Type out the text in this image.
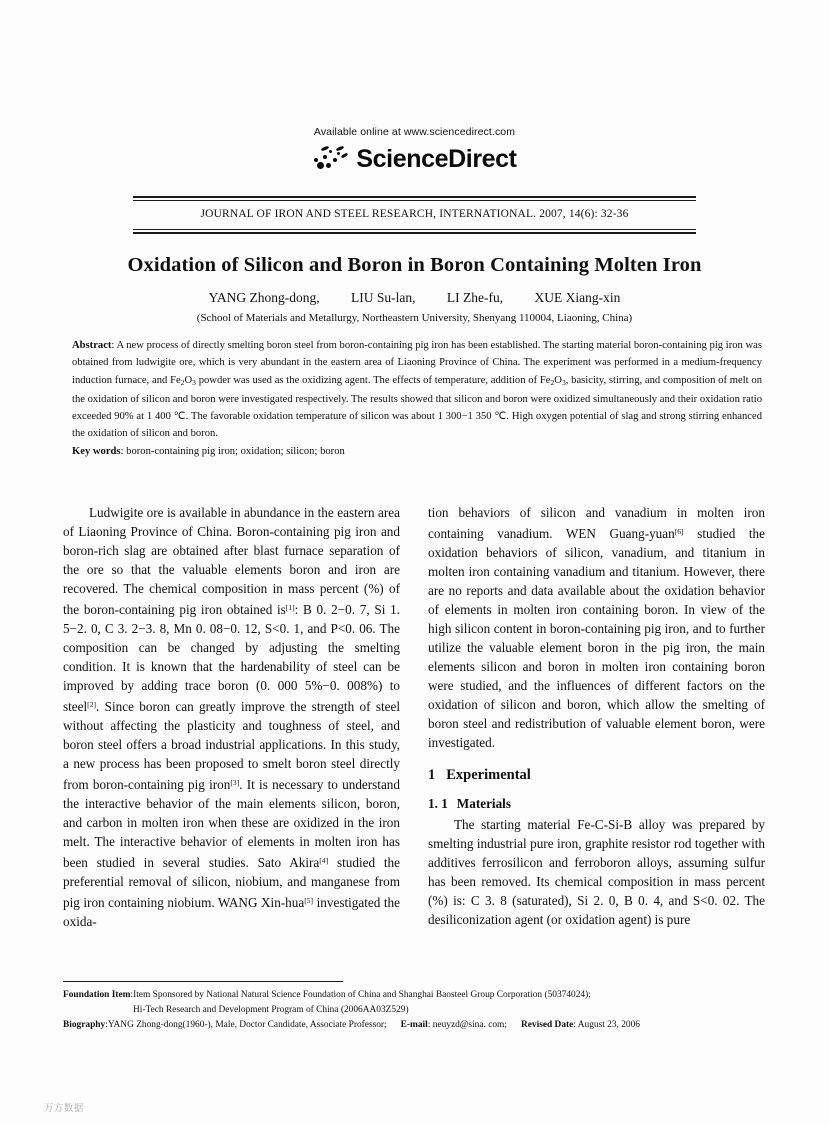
Available online at www.sciencedirect.com
ScienceDirect
JOURNAL OF IRON AND STEEL RESEARCH, INTERNATIONAL. 2007, 14(6): 32-36
Oxidation of Silicon and Boron in Boron Containing Molten Iron
YANG Zhong-dong, LIU Su-lan, LI Zhe-fu, XUE Xiang-xin
(School of Materials and Metallurgy, Northeastern University, Shenyang 110004, Liaoning, China)

Abstract: A new process of directly smelting boron steel from boron-containing pig iron has been established. The starting material boron-containing pig iron was obtained from ludwigite ore, which is very abundant in the eastern area of Liaoning Province of China. The experiment was performed in a medium-frequency induction furnace, and $Fe_2O_3$ powder was used as the oxidizing agent. The effects of temperature, addition of $Fe_2O_3$, basicity, stirring, and composition of melt on the oxidation of silicon and boron were investigated respectively. The results showed that silicon and boron were oxidized simultaneously and their oxidation ratio exceeded 90% at 1 400 ℃. The favorable oxidation temperature of silicon was about 1 300−1 350 ℃. High oxygen potential of slag and strong stirring enhanced the oxidation of silicon and boron.

Key words: boron-containing pig iron; oxidation; silicon; boron

Ludwigite ore is available in abundance in the eastern area of Liaoning Province of China. Boron-containing pig iron and boron-rich slag are obtained after blast furnace separation of the ore so that the valuable elements boron and iron are recovered. The chemical composition in mass percent (%) of the boron-containing pig iron obtained is[1]: B 0. 2−0. 7, Si 1. 5−2. 0, C 3. 2−3. 8, Mn 0. 08−0. 12, S<0. 1, and P<0. 06. The composition can be changed by adjusting the smelting condition. It is known that the hardenability of steel can be improved by adding trace boron (0. 000 5%−0. 008%) to steel[2]. Since boron can greatly improve the strength of steel without affecting the plasticity and toughness of steel, and boron steel offers a broad industrial applications. In this study, a new process has been proposed to smelt boron steel directly from boron-containing pig iron[3]. It is necessary to understand the interactive behavior of the main elements silicon, boron, and carbon in molten iron when these are oxidized in the iron melt. The interactive behavior of elements in molten iron has been studied in several studies. Sato Akira[4] studied the preferential removal of silicon, niobium, and manganese from pig iron containing niobium. WANG Xin-hua[5] investigated the oxida-

tion behaviors of silicon and vanadium in molten iron containing vanadium. WEN Guang-yuan[6] studied the oxidation behaviors of silicon, vanadium, and titanium in molten iron containing vanadium and titanium. However, there are no reports and data available about the oxidation behavior of elements in molten iron containing boron. In view of the high silicon content in boron-containing pig iron, and to further utilize the valuable element boron in the pig iron, the main elements silicon and boron in molten iron containing boron were studied, and the influences of different factors on the oxidation of silicon and boron, which allow the smelting of boron steel and redistribution of valuable element boron, were investigated.

1 Experimental
1. 1 Materials

The starting material Fe-C-Si-B alloy was prepared by smelting industrial pure iron, graphite resistor rod together with additives ferrosilicon and ferroboron alloys, assuming sulfur has been removed. Its chemical composition in mass percent (%) is: C 3. 8 (saturated), Si 2. 0, B 0. 4, and S<0. 02. The desiliconization agent (or oxidation agent) is pure

Foundation Item:Item Sponsored by National Natural Science Foundation of China and Shanghai Baosteel Group Corporation (50374024);
Hi-Tech Research and Development Program of China (2006AA03Z529)
Biography:YANG Zhong-dong(1960-), Male, Doctor Candidate, Associate Professor; E-mail: neuyzd@sina. com; Revised Date: August 23, 2006
万方数据
